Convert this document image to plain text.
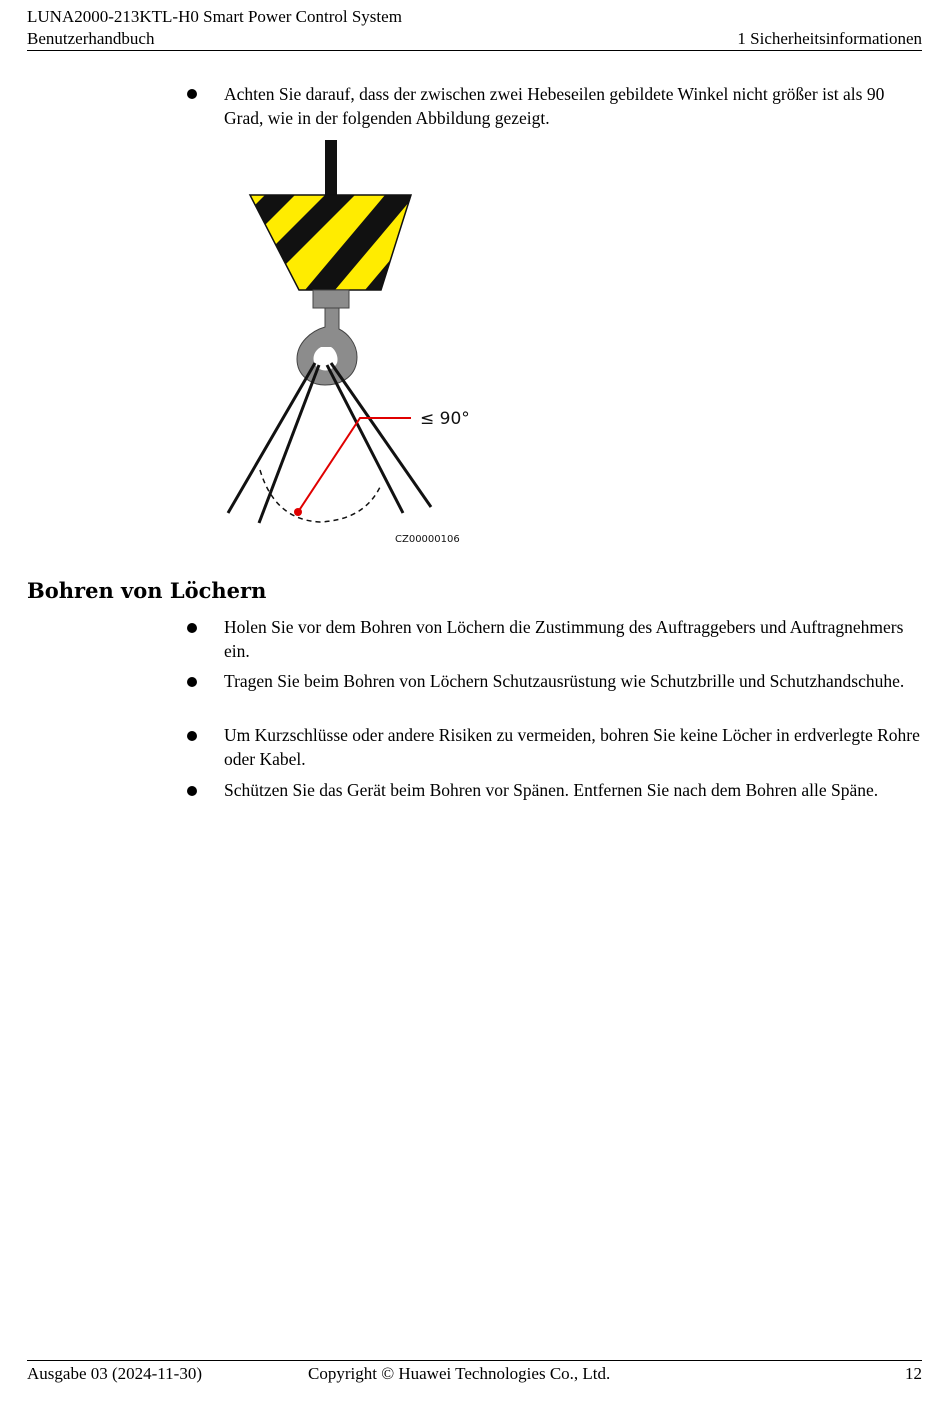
LUNA2000-213KTL-H0 Smart Power Control System
Benutzerhandbuch	1 Sicherheitsinformationen
Achten Sie darauf, dass der zwischen zwei Hebeseilen gebildete Winkel nicht größer ist als 90 Grad, wie in der folgenden Abbildung gezeigt.
≤ 90°
CZ00000106
Bohren von Löchern
Holen Sie vor dem Bohren von Löchern die Zustimmung des Auftraggebers und Auftragnehmers ein.
Tragen Sie beim Bohren von Löchern Schutzausrüstung wie Schutzbrille und Schutzhandschuhe.
Um Kurzschlüsse oder andere Risiken zu vermeiden, bohren Sie keine Löcher in erdverlegte Rohre oder Kabel.
Schützen Sie das Gerät beim Bohren vor Spänen. Entfernen Sie nach dem Bohren alle Späne.
Ausgabe 03 (2024-11-30)	Copyright © Huawei Technologies Co., Ltd.	12
